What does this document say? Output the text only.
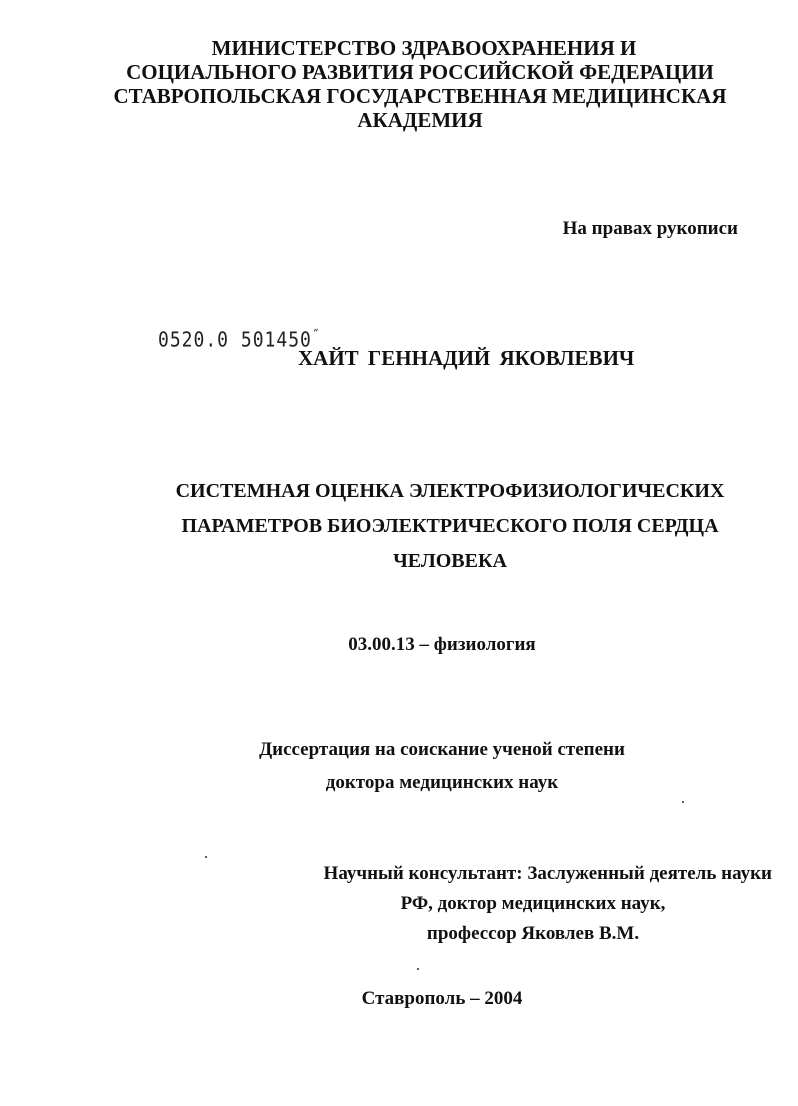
МИНИСТЕРСТВО ЗДРАВООХРАНЕНИЯ И
СОЦИАЛЬНОГО РАЗВИТИЯ РОССИЙСКОЙ ФЕДЕРАЦИИ
СТАВРОПОЛЬСКАЯ ГОСУДАРСТВЕННАЯ МЕДИЦИНСКАЯ
АКАДЕМИЯ
На правах рукописи
0520.0 501450˝
ХАЙТ ГЕННАДИЙ ЯКОВЛЕВИЧ
СИСТЕМНАЯ ОЦЕНКА ЭЛЕКТРОФИЗИОЛОГИЧЕСКИХ
ПАРАМЕТРОВ БИОЭЛЕКТРИЧЕСКОГО ПОЛЯ СЕРДЦА
ЧЕЛОВЕКА
03.00.13 – физиология
Диссертация на соискание ученой степени
доктора медицинских наук
Научный консультант: Заслуженный деятель науки
РФ, доктор медицинских наук,
профессор Яковлев В.М.
Ставрополь – 2004
